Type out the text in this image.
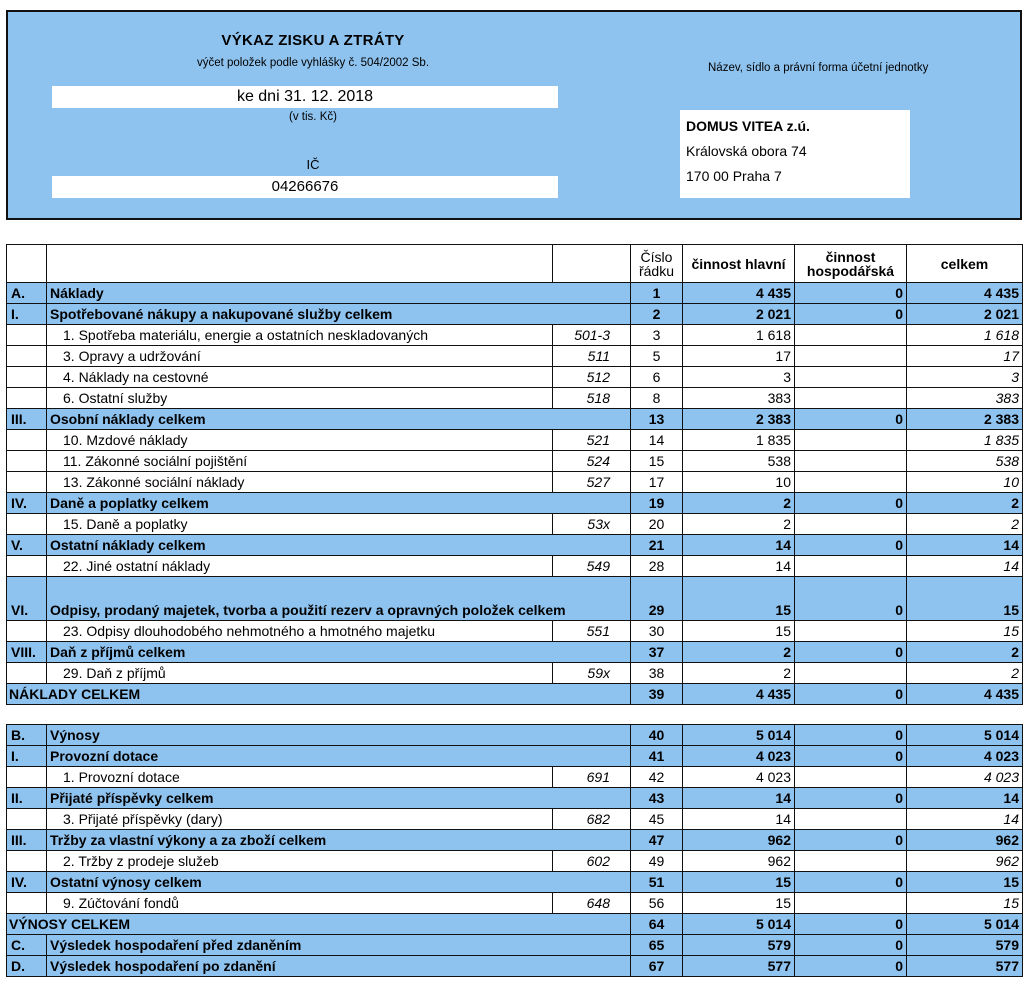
VÝKAZ ZISKU A ZTRÁTY
výčet položek podle vyhlášky č. 504/2002 Sb.
ke dni 31. 12. 2018
(v tis. Kč)
IČ
04266676
Název, sídlo a právní forma účetní jednotky
DOMUS VITEA z.ú.
Královská obora 74
170 00 Praha 7
			Číslo řádku	činnost hlavní	činnost hospodářská	celkem
A.	Náklady		1	4 435	0	4 435
I.	Spotřebované nákupy a nakupované služby celkem		2	2 021	0	2 021
	1. Spotřeba materiálu, energie a ostatních neskladovaných	501-3	3	1 618		1 618
	3. Opravy a udržování	511	5	17		17
	4. Náklady na cestovné	512	6	3		3
	6. Ostatní služby	518	8	383		383
III.	Osobní náklady celkem		13	2 383	0	2 383
	10. Mzdové náklady	521	14	1 835		1 835
	11. Zákonné sociální pojištění	524	15	538		538
	13. Zákonné sociální náklady	527	17	10		10
IV.	Daně a poplatky celkem		19	2	0	2
	15. Daně a poplatky	53x	20	2		2
V.	Ostatní náklady celkem		21	14	0	14
	22. Jiné ostatní náklady	549	28	14		14
VI.	Odpisy, prodaný majetek, tvorba a použití rezerv a opravných položek celkem		29	15	0	15
	23. Odpisy dlouhodobého nehmotného a hmotného majetku	551	30	15		15
VIII.	Daň z příjmů celkem		37	2	0	2
	29. Daň z příjmů	59x	38	2		2
NÁKLADY CELKEM			39	4 435	0	4 435
B.	Výnosy		40	5 014	0	5 014
I.	Provozní dotace		41	4 023	0	4 023
	1. Provozní dotace	691	42	4 023		4 023
II.	Přijaté příspěvky celkem		43	14	0	14
	3. Přijaté příspěvky (dary)	682	45	14		14
III.	Tržby za vlastní výkony a za zboží celkem		47	962	0	962
	2. Tržby z prodeje služeb	602	49	962		962
IV.	Ostatní výnosy celkem		51	15	0	15
	9. Zúčtování fondů	648	56	15		15
VÝNOSY CELKEM			64	5 014	0	5 014
C.	Výsledek hospodaření před zdaněním		65	579	0	579
D.	Výsledek hospodaření po zdanění		67	577	0	577
